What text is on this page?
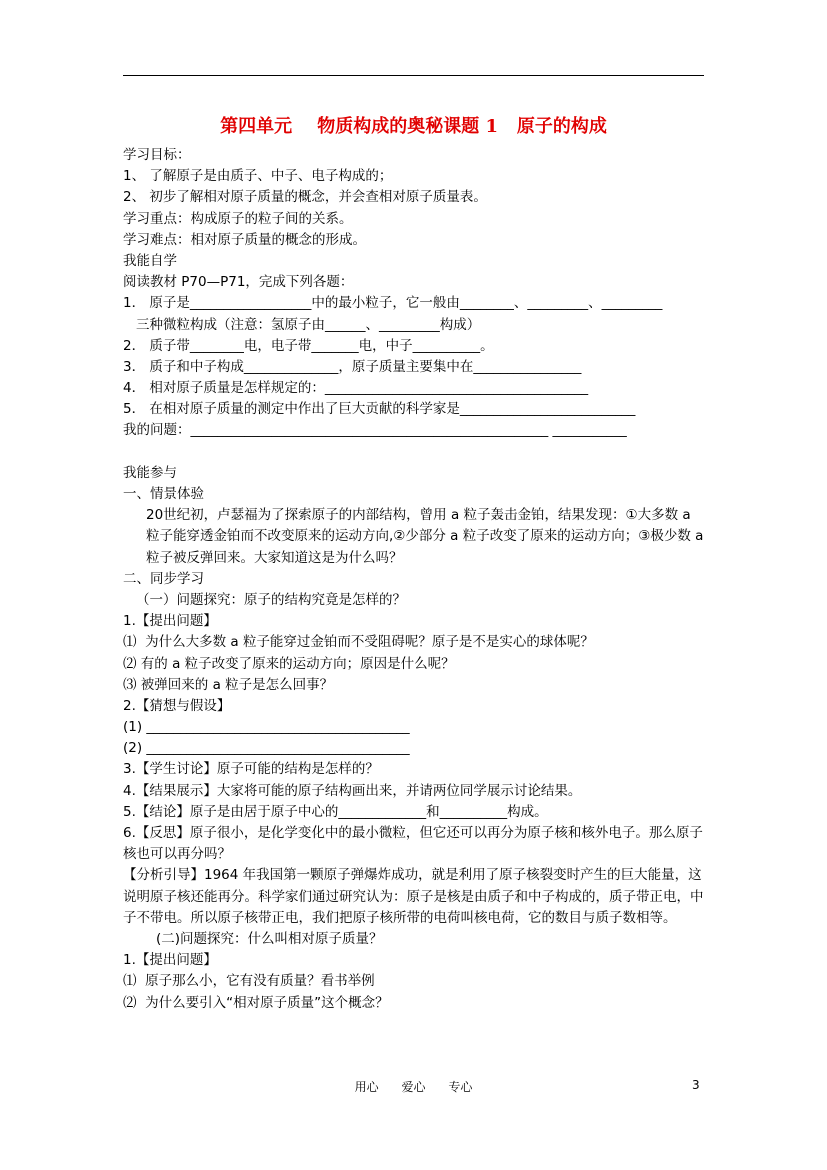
第四单元    物质构成的奥秘课题 1   原子的构成
学习目标：
1、 了解原子是由质子、中子、电子构成的；
2、 初步了解相对原子质量的概念，并会查相对原子质量表。
学习重点：构成原子的粒子间的关系。
学习难点：相对原子质量的概念的形成。
我能自学
阅读教材 P70—P71，完成下列各题：
1． 原子是__________________中的最小粒子，它一般由________、_________、_________
三种微粒构成（注意：氢原子由______、_________构成）
2． 质子带________电，电子带_______电，中子__________。
3． 质子和中子构成______________，原子质量主要集中在________________
4． 相对原子质量是怎样规定的：_______________________________________
5． 在相对原子质量的测定中作出了巨大贡献的科学家是__________________________
我的问题：_____________________________________________________ ___________
我能参与
一、情景体验
20世纪初，卢瑟福为了探索原子的内部结构，曾用 a 粒子轰击金铂，结果发现：①大多数 a 粒子能穿透金铂而不改变原来的运动方向,②少部分 a 粒子改变了原来的运动方向；③极少数 a 粒子被反弹回来。大家知道这是为什么吗？
二、同步学习
（一）问题探究：原子的结构究竟是怎样的？
1.【提出问题】
⑴  为什么大多数 a 粒子能穿过金铂而不受阻碍呢？原子是不是实心的球体呢？
⑵ 有的 a 粒子改变了原来的运动方向；原因是什么呢？
⑶ 被弹回来的 a 粒子是怎么回事？
2.【猜想与假设】
(1) _______________________________________
(2) _______________________________________
3.【学生讨论】原子可能的结构是怎样的？
4.【结果展示】大家将可能的原子结构画出来，并请两位同学展示讨论结果。
5.【结论】原子是由居于原子中心的_____________和__________构成。
6.【反思】原子很小，是化学变化中的最小微粒，但它还可以再分为原子核和核外电子。那么原子核也可以再分吗？
【分析引导】1964 年我国第一颗原子弹爆炸成功，就是利用了原子核裂变时产生的巨大能量，这说明原子核还能再分。科学家们通过研究认为：原子是核是由质子和中子构成的，质子带正电，中子不带电。所以原子核带正电，我们把原子核所带的电荷叫核电荷，它的数目与质子数相等。
(二)问题探究：什么叫相对原子质量？
1.【提出问题】
⑴  原子那么小，它有没有质量？看书举例
⑵  为什么要引入“相对原子质量”这个概念？
用心      爱心      专心	3
